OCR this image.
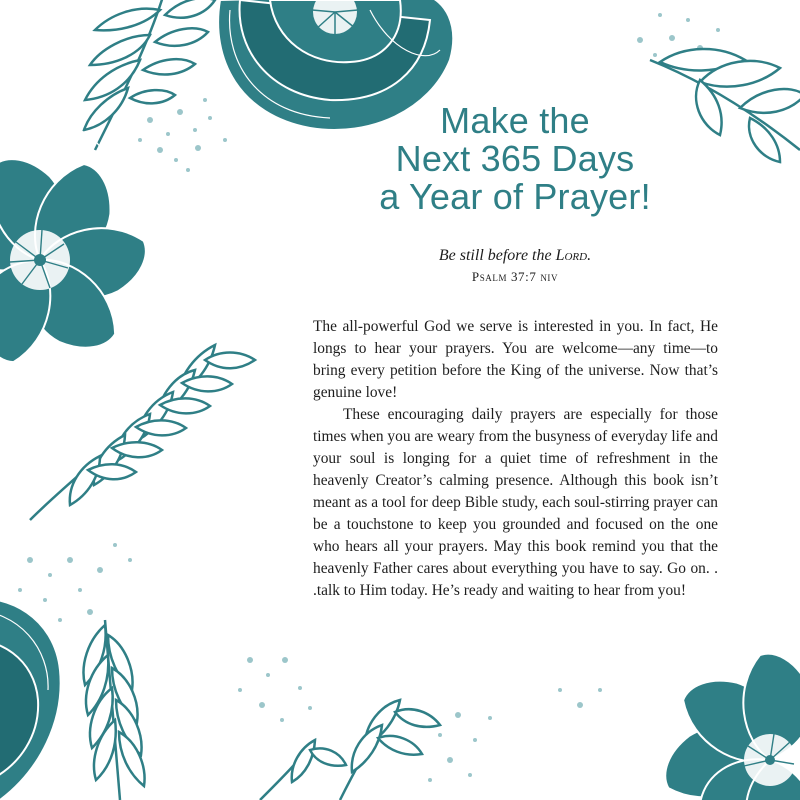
Make the
Next 365 Days
a Year of Prayer!
Be still before the Lord.
Psalm 37:7 niv

The all-powerful God we serve is interested in you. In fact, He longs to hear your prayers. You are welcome—any time—to bring every petition before the King of the universe. Now that’s genuine love!

These encouraging daily prayers are especially for those times when you are weary from the busyness of everyday life and your soul is longing for a quiet time of refreshment in the heavenly Creator’s calming presence. Although this book isn’t meant as a tool for deep Bible study, each soul-stirring prayer can be a touchstone to keep you grounded and focused on the one who hears all your prayers. May this book remind you that the heavenly Father cares about everything you have to say. Go on. . .talk to Him today. He’s ready and waiting to hear from you!
